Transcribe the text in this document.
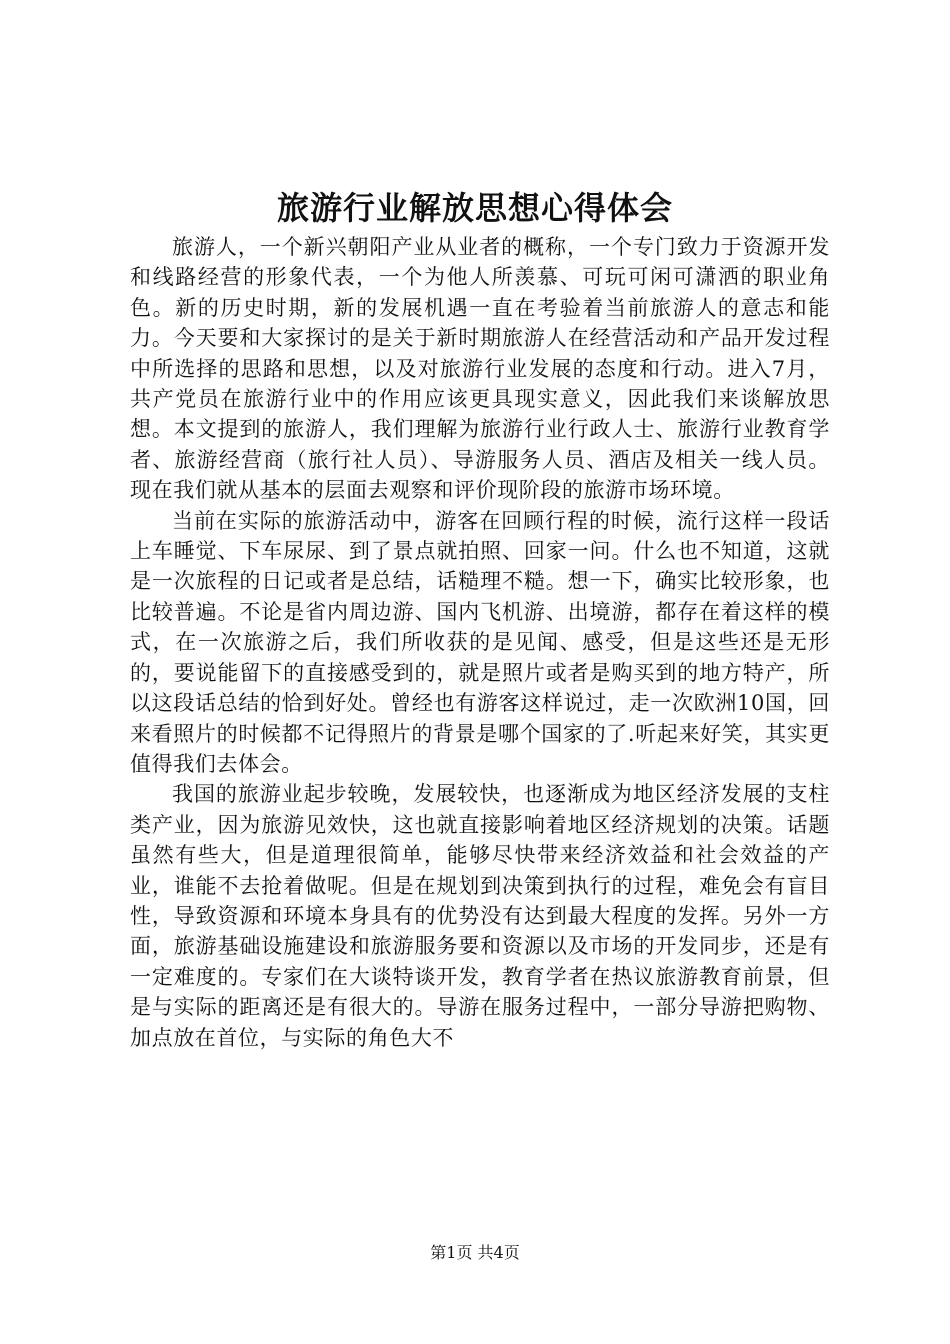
旅游行业解放思想心得体会

旅游人，一个新兴朝阳产业从业者的概称，一个专门致力于资源开发和线路经营的形象代表，一个为他人所羡慕、可玩可闲可潇洒的职业角色。新的历史时期，新的发展机遇一直在考验着当前旅游人的意志和能力。今天要和大家探讨的是关于新时期旅游人在经营活动和产品开发过程中所选择的思路和思想，以及对旅游行业发展的态度和行动。进入7月，共产党员在旅游行业中的作用应该更具现实意义，因此我们来谈解放思想。本文提到的旅游人，我们理解为旅游行业行政人士、旅游行业教育学者、旅游经营商（旅行社人员）、导游服务人员、酒店及相关一线人员。现在我们就从基本的层面去观察和评价现阶段的旅游市场环境。

当前在实际的旅游活动中，游客在回顾行程的时候，流行这样一段话上车睡觉、下车尿尿、到了景点就拍照、回家一问。什么也不知道，这就是一次旅程的日记或者是总结，话糙理不糙。想一下，确实比较形象，也比较普遍。不论是省内周边游、国内飞机游、出境游，都存在着这样的模式，在一次旅游之后，我们所收获的是见闻、感受，但是这些还是无形的，要说能留下的直接感受到的，就是照片或者是购买到的地方特产，所以这段话总结的恰到好处。曾经也有游客这样说过，走一次欧洲10国，回来看照片的时候都不记得照片的背景是哪个国家的了.听起来好笑，其实更值得我们去体会。

我国的旅游业起步较晚，发展较快，也逐渐成为地区经济发展的支柱类产业，因为旅游见效快，这也就直接影响着地区经济规划的决策。话题虽然有些大，但是道理很简单，能够尽快带来经济效益和社会效益的产业，谁能不去抢着做呢。但是在规划到决策到执行的过程，难免会有盲目性，导致资源和环境本身具有的优势没有达到最大程度的发挥。另外一方面，旅游基础设施建设和旅游服务要和资源以及市场的开发同步，还是有一定难度的。专家们在大谈特谈开发，教育学者在热议旅游教育前景，但是与实际的距离还是有很大的。导游在服务过程中，一部分导游把购物、加点放在首位，与实际的角色大不

第1页 共4页
